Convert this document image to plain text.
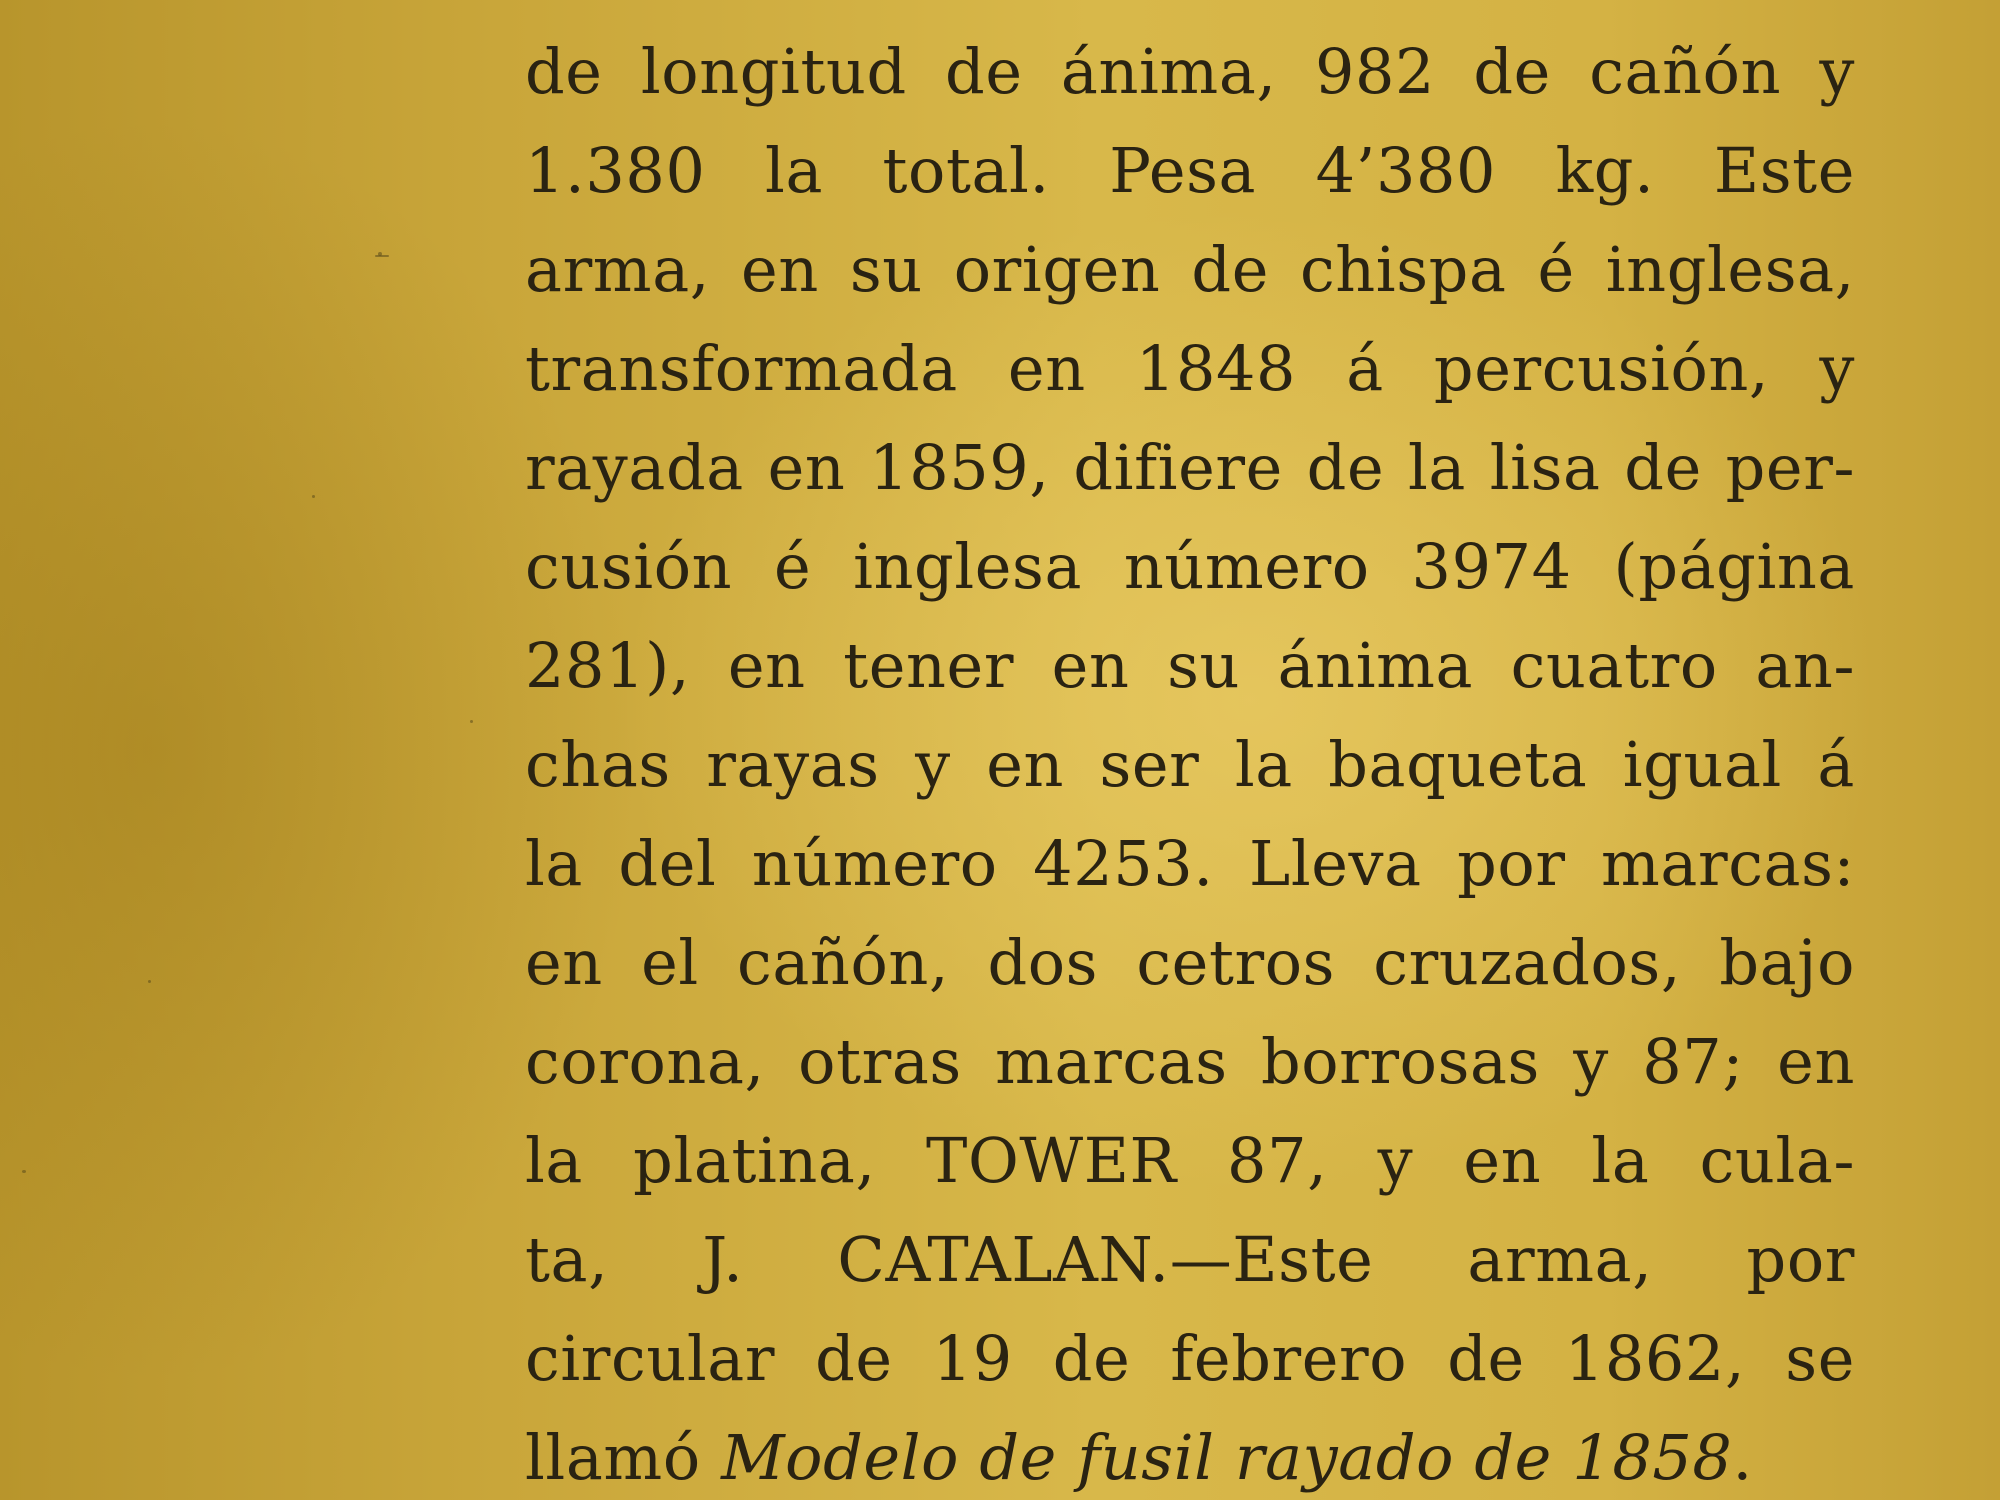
de longitud de ánima, 982 de cañón y
1.380 la total. Pesa 4’380 kg. Este
arma, en su origen de chispa é inglesa,
transformada en 1848 á percusión, y
rayada en 1859, difiere de la lisa de per-
cusión é inglesa número 3974 (página
281), en tener en su ánima cuatro an-
chas rayas y en ser la baqueta igual á
la del número 4253. Lleva por marcas:
en el cañón, dos cetros cruzados, bajo
corona, otras marcas borrosas y 87; en
la platina, TOWER 87, y en la cula-
ta, J. CATALAN.—Este arma, por
circular de 19 de febrero de 1862, se
llamó Modelo de fusil rayado de 1858.
